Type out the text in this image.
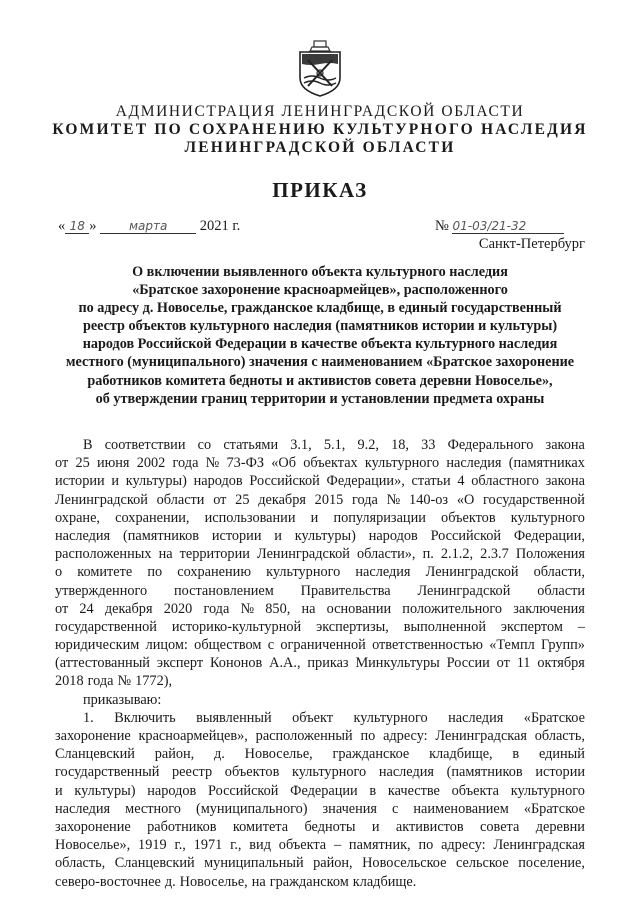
АДМИНИСТРАЦИЯ ЛЕНИНГРАДСКОЙ ОБЛАСТИ
КОМИТЕТ ПО СОХРАНЕНИЮ КУЛЬТУРНОГО НАСЛЕДИЯ
ЛЕНИНГРАДСКОЙ ОБЛАСТИ
ПРИКАЗ
« 18 »	марта 2021 г.	№ 01-03/21-32
Санкт-Петербург
О включении выявленного объекта культурного наследия
«Братское захоронение красноармейцев», расположенного
по адресу д. Новоселье, гражданское кладбище, в единый государственный
реестр объектов культурного наследия (памятников истории и культуры)
народов Российской Федерации в качестве объекта культурного наследия
местного (муниципального) значения с наименованием «Братское захоронение
работников комитета бедноты и активистов совета деревни Новоселье»,
об утверждении границ территории и установлении предмета охраны
В соответствии со статьями 3.1, 5.1, 9.2, 18, 33 Федерального закона
от 25 июня 2002 года № 73-ФЗ «Об объектах культурного наследия (памятниках
истории и культуры) народов Российской Федерации», статьи 4 областного закона
Ленинградской области от 25 декабря 2015 года № 140-оз «О государственной
охране, сохранении, использовании и популяризации объектов культурного
наследия (памятников истории и культуры) народов Российской Федерации,
расположенных на территории Ленинградской области», п. 2.1.2, 2.3.7 Положения
о комитете по сохранению культурного наследия Ленинградской области,
утвержденного постановлением Правительства Ленинградской области
от 24 декабря 2020 года № 850, на основании положительного заключения
государственной историко-культурной экспертизы, выполненной экспертом –
юридическим лицом: обществом с ограниченной ответственностью «Темпл Групп»
(аттестованный эксперт Кононов А.А., приказ Минкультуры России от 11 октября
2018 года № 1772),
приказываю:
1. Включить выявленный объект культурного наследия «Братское
захоронение красноармейцев», расположенный по адресу: Ленинградская область,
Сланцевский район, д. Новоселье, гражданское кладбище, в единый
государственный реестр объектов культурного наследия (памятников истории
и культуры) народов Российской Федерации в качестве объекта культурного
наследия местного (муниципального) значения с наименованием «Братское
захоронение работников комитета бедноты и активистов совета деревни
Новоселье», 1919 г., 1971 г., вид объекта – памятник, по адресу: Ленинградская
область, Сланцевский муниципальный район, Новосельское сельское поселение,
северо-восточнее д. Новоселье, на гражданском кладбище.
